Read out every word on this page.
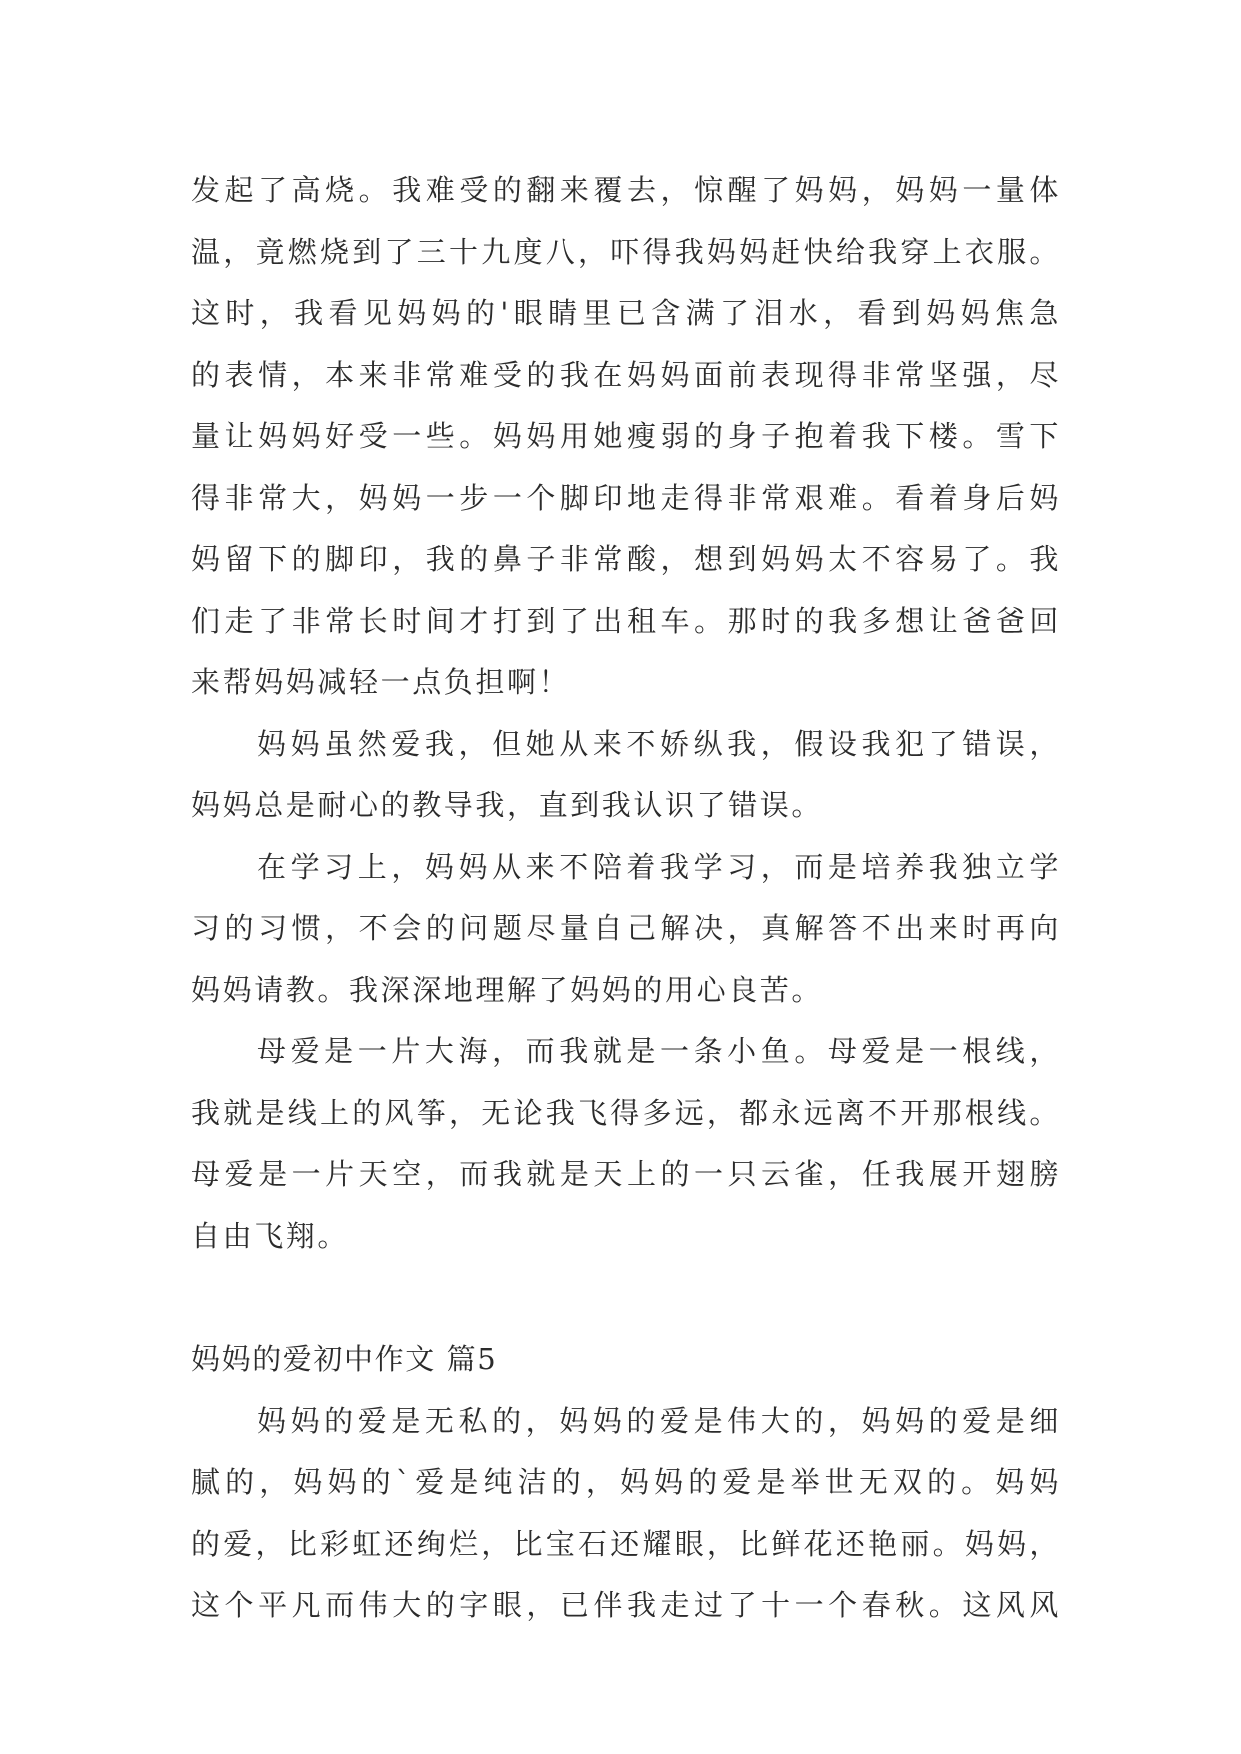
发起了高烧。我难受的翻来覆去，惊醒了妈妈，妈妈一量体
温，竟燃烧到了三十九度八，吓得我妈妈赶快给我穿上衣服。
这时，我看见妈妈的'眼睛里已含满了泪水，看到妈妈焦急
的表情，本来非常难受的我在妈妈面前表现得非常坚强，尽
量让妈妈好受一些。妈妈用她瘦弱的身子抱着我下楼。雪下
得非常大，妈妈一步一个脚印地走得非常艰难。看着身后妈
妈留下的脚印，我的鼻子非常酸，想到妈妈太不容易了。我
们走了非常长时间才打到了出租车。那时的我多想让爸爸回
来帮妈妈减轻一点负担啊！
妈妈虽然爱我，但她从来不娇纵我，假设我犯了错误，
妈妈总是耐心的教导我，直到我认识了错误。
在学习上，妈妈从来不陪着我学习，而是培养我独立学
习的习惯，不会的问题尽量自己解决，真解答不出来时再向
妈妈请教。我深深地理解了妈妈的用心良苦。
母爱是一片大海，而我就是一条小鱼。母爱是一根线，
我就是线上的风筝，无论我飞得多远，都永远离不开那根线。
母爱是一片天空，而我就是天上的一只云雀，任我展开翅膀
自由飞翔。
妈妈的爱初中作文 篇5
妈妈的爱是无私的，妈妈的爱是伟大的，妈妈的爱是细
腻的，妈妈的`爱是纯洁的，妈妈的爱是举世无双的。妈妈
的爱，比彩虹还绚烂，比宝石还耀眼，比鲜花还艳丽。妈妈，
这个平凡而伟大的字眼，已伴我走过了十一个春秋。这风风
